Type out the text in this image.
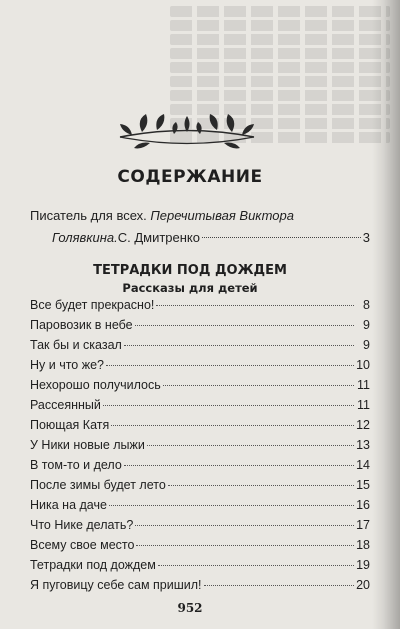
СОДЕРЖАНИЕ
Писатель для всех. Перечитывая Виктора
Голявкина. С. Дмитренко	3
ТЕТРАДКИ ПОД ДОЖДЕМ
Рассказы для детей
Все будет прекрасно!	8
Паровозик в небе	9
Так бы и сказал	9
Ну и что же?	10
Нехорошо получилось	11
Рассеянный	11
Поющая Катя	12
У Ники новые лыжи	13
В том-то и дело	14
После зимы будет лето	15
Ника на даче	16
Что Нике делать?	17
Всему свое место	18
Тетрадки под дождем	19
Я пуговицу себе сам пришил!	20
952
